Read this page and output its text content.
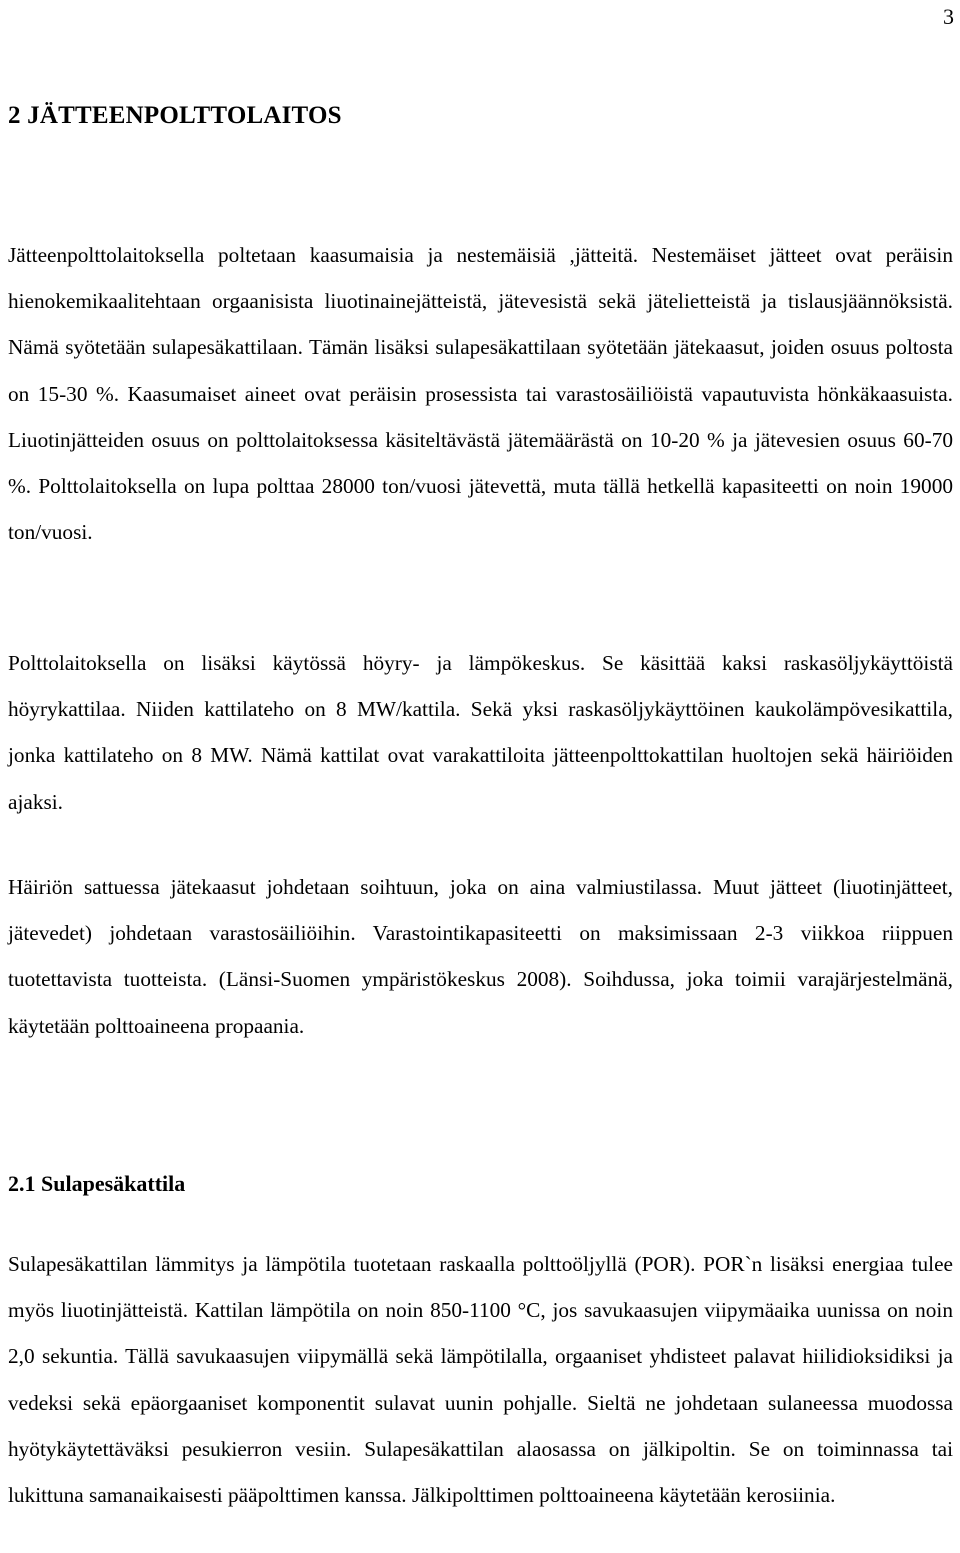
3
2 JÄTTEENPOLTTOLAITOS

Jätteenpolttolaitoksella poltetaan kaasumaisia ja nestemäisiä ,jätteitä. Nestemäiset jätteet ovat peräisin hienokemikaalitehtaan orgaanisista liuotinainejätteistä, jätevesistä sekä jätelietteistä ja tislausjäännöksistä. Nämä syötetään sulapesäkattilaan. Tämän lisäksi sulapesäkattilaan syötetään jätekaasut, joiden osuus poltosta on 15-30 %. Kaasumaiset aineet ovat peräisin prosessista tai varastosäiliöistä vapautuvista hönkäkaasuista. Liuotinjätteiden osuus on polttolaitoksessa käsiteltävästä jätemäärästä on 10-20 % ja jätevesien osuus 60-70 %. Polttolaitoksella on lupa polttaa 28000 ton/vuosi jätevettä, muta tällä hetkellä kapasiteetti on noin 19000 ton/vuosi.

Polttolaitoksella on lisäksi käytössä höyry- ja lämpökeskus. Se käsittää kaksi raskasöljykäyttöistä höyrykattilaa. Niiden kattilateho on 8 MW/kattila. Sekä yksi raskasöljykäyttöinen kaukolämpövesikattila, jonka kattilateho on 8 MW. Nämä kattilat ovat varakattiloita jätteenpolttokattilan huoltojen sekä häiriöiden ajaksi.

Häiriön sattuessa jätekaasut johdetaan soihtuun, joka on aina valmiustilassa. Muut jätteet (liuotinjätteet, jätevedet) johdetaan varastosäiliöihin. Varastointikapasiteetti on maksimissaan 2-3 viikkoa riippuen tuotettavista tuotteista. (Länsi-Suomen ympäristökeskus 2008). Soihdussa, joka toimii varajärjestelmänä, käytetään polttoaineena propaania.

2.1 Sulapesäkattila

Sulapesäkattilan lämmitys ja lämpötila tuotetaan raskaalla polttoöljyllä (POR). POR`n lisäksi energiaa tulee myös liuotinjätteistä. Kattilan lämpötila on noin 850-1100 °C, jos savukaasujen viipymäaika uunissa on noin 2,0 sekuntia. Tällä savukaasujen viipymällä sekä lämpötilalla, orgaaniset yhdisteet palavat hiilidioksidiksi ja vedeksi sekä epäorgaaniset komponentit sulavat uunin pohjalle. Sieltä ne johdetaan sulaneessa muodossa hyötykäytettäväksi pesukierron vesiin. Sulapesäkattilan alaosassa on jälkipoltin. Se on toiminnassa tai lukittuna samanaikaisesti pääpolttimen kanssa. Jälkipolttimen polttoaineena käytetään kerosiinia.
